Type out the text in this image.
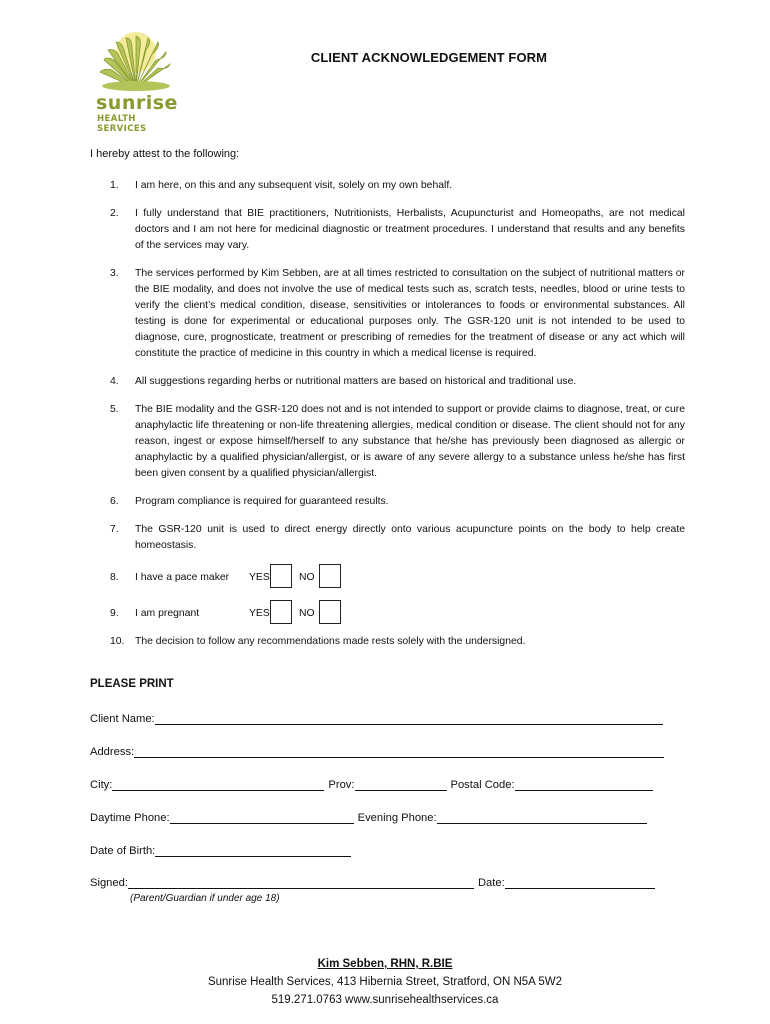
sunrise
HEALTH SERVICES
CLIENT ACKNOWLEDGEMENT FORM
I hereby attest to the following:
1.	I am here, on this and any subsequent visit, solely on my own behalf.
2.	I fully understand that BIE practitioners, Nutritionists, Herbalists, Acupuncturist and Homeopaths, are not medical doctors and I am not here for medicinal diagnostic or treatment procedures. I understand that results and any benefits of the services may vary.
3.	The services performed by Kim Sebben, are at all times restricted to consultation on the subject of nutritional matters or the BIE modality, and does not involve the use of medical tests such as, scratch tests, needles, blood or urine tests to verify the client’s medical condition, disease, sensitivities or intolerances to foods or environmental substances. All testing is done for experimental or educational purposes only. The GSR-120 unit is not intended to be used to diagnose, cure, prognosticate, treatment or prescribing of remedies for the treatment of disease or any act which will constitute the practice of medicine in this country in which a medical license is required.
4.	All suggestions regarding herbs or nutritional matters are based on historical and traditional use.
5.	The BIE modality and the GSR-120 does not and is not intended to support or provide claims to diagnose, treat, or cure anaphylactic life threatening or non-life threatening allergies, medical condition or disease. The client should not for any reason, ingest or expose himself/herself to any substance that he/she has previously been diagnosed as allergic or anaphylactic by a qualified physician/allergist, or is aware of any severe allergy to a substance unless he/she has first been given consent by a qualified physician/allergist.
6.	Program compliance is required for guaranteed results.
7.	The GSR-120 unit is used to direct energy directly onto various acupuncture points on the body to help create homeostasis.
8. I have a pace maker YES	NO
9. I am pregnant	YES	NO
10.	The decision to follow any recommendations made rests solely with the undersigned.
PLEASE PRINT
Client Name:
Address:
City:	Prov:	Postal Code:
Daytime Phone:	Evening Phone:
Date of Birth:
Signed:	Date:
(Parent/Guardian if under age 18)
Kim Sebben, RHN, R.BIE
Sunrise Health Services, 413 Hibernia Street, Stratford, ON N5A 5W2
519.271.0763 www.sunrisehealthservices.ca
